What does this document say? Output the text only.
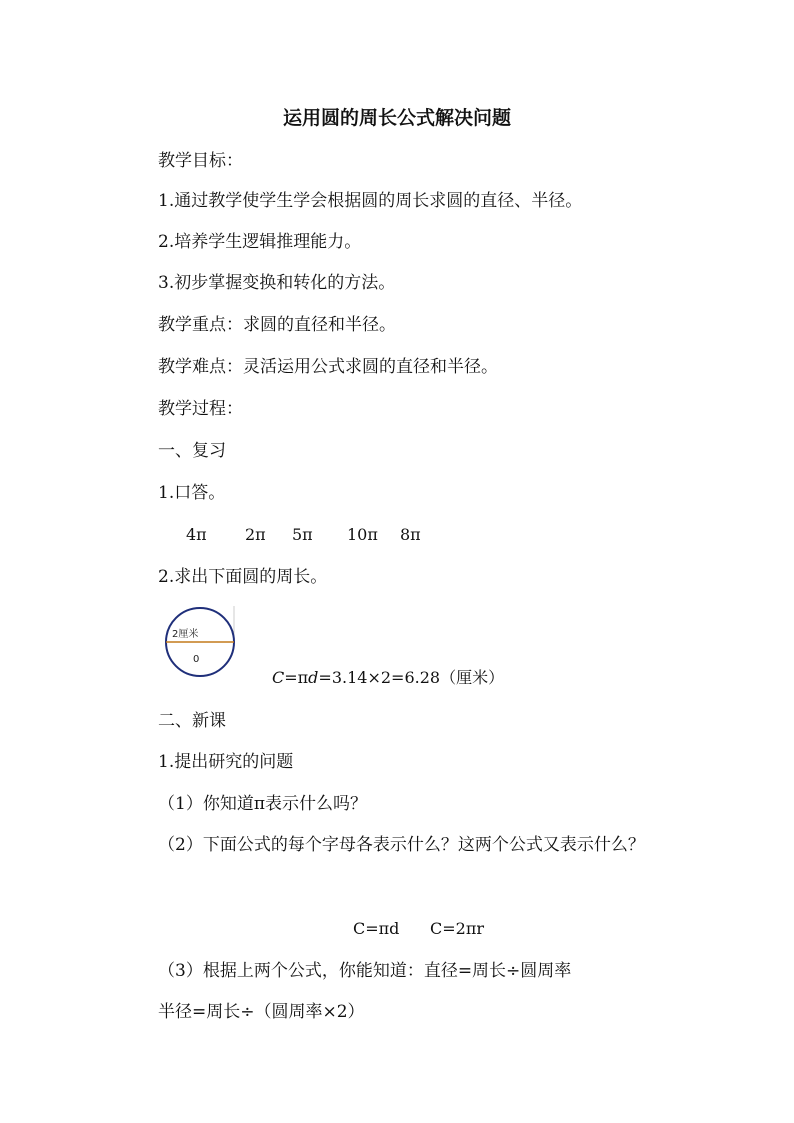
运用圆的周长公式解决问题
教学目标：
1.通过教学使学生学会根据圆的周长求圆的直径、半径。
2.培养学生逻辑推理能力。
3.初步掌握变换和转化的方法。
教学重点：求圆的直径和半径。
教学难点：灵活运用公式求圆的直径和半径。
教学过程：
一、复习
1.口答。
4π 2π 5π 10π 8π
2.求出下面圆的周长。
2厘米
0
C=πd=3.14×2=6.28（厘米）
二、新课
1.提出研究的问题
（1）你知道π表示什么吗？
（2）下面公式的每个字母各表示什么？这两个公式又表示什么？
C=πd C=2πr
（3）根据上两个公式，你能知道：直径=周长÷圆周率
半径=周长÷（圆周率×2）
